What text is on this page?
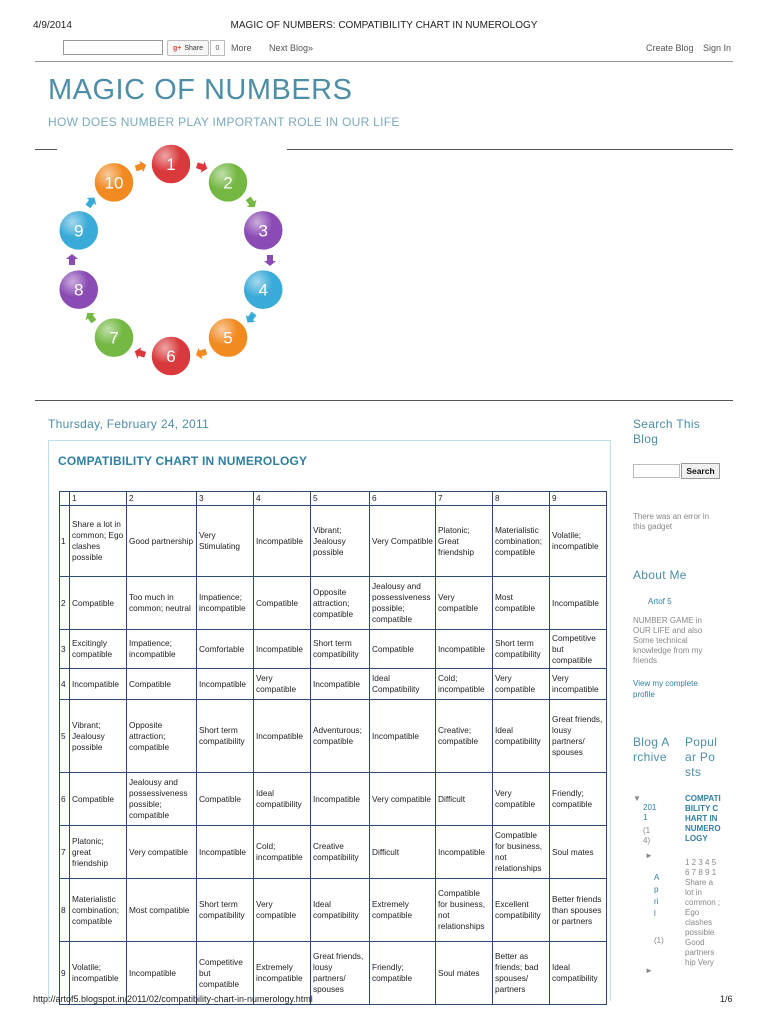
4/9/2014	MAGIC OF NUMBERS: COMPATIBILITY CHART IN NUMEROLOGY
g+ Share	0	More Next Blog»	Create Blog Sign In
MAGIC OF NUMBERS
HOW DOES NUMBER PLAY IMPORTANT ROLE IN OUR LIFE
1
2
3
4
5
6
7
8
9
10
Thursday, February 24, 2011
COMPATIBILITY CHART IN NUMEROLOGY
	1	2	3	4	5	6	7	8	9
1	Share a lot in common; Ego clashes possible	Good partnership	Very Stimulating	Incompatible	Vibrant; Jealousy possible	Very Compatible	Platonic; Great friendship	Materialistic combination; compatible	Volatile; incompatible
2	Compatible	Too much in common; neutral	Impatience; incompatible	Compatible	Opposite attraction; compatible	Jealousy and possessiveness possible; compatible	Very compatible	Most compatible	Incompatible
3	Excitingly compatible	Impatience; incompatible	Comfortable	Incompatible	Short term compatibility	Compatible	Incompatible	Short term compatibility	Competitive but compatible
4	Incompatible	Compatible	Incompatible	Very compatible	Incompatible	Ideal Compatibility	Cold; incompatible	Very compatible	Very incompatible
5	Vibrant; Jealousy possible	Opposite attraction; compatible	Short term compatibility	Incompatible	Adventurous; compatible	Incompatible	Creative; compatible	Ideal compatibility	Great friends, lousy partners/ spouses
6	Compatible	Jealousy and possessiveness possible; compatible	Compatible	Ideal compatibility	Incompatible	Very compatible	Difficult	Very compatible	Friendly; compatible
7	Platonic; great friendship	Very compatible	Incompatible	Cold; incompatible	Creative compatibility	Difficult	Incompatible	Compatible for business, not relationships	Soul mates
8	Materialistic combination; compatible	Most compatible	Short term compatibility	Very compatible	Ideal compatibility	Extremely compatible	Compatible for business, not relationships	Excellent compatibility	Better friends than spouses or partners
9	Volatile; incompatible	Incompatible	Competitive but compatible	Extremely incompatible	Great friends, lousy partners/ spouses	Friendly; compatible	Soul mates	Better as friends; bad spouses/ partners	Ideal compatibility
Search This Blog
Search
There was an error in this gadget
About Me
Artof 5
NUMBER GAME in OUR LIFE and also Some technical knowledge from my friends
View my complete profile
Blog Archive
Popular Posts
▼
2011
(14)
►
April
(1)
►
COMPATIBILITY CHART IN NUMEROLOGY
1 2 3 4 5 6 7 8 9 1 Share a lot in common ; Ego clashes possible Good partners hip Very
http://artof5.blogspot.in/2011/02/compatibility-chart-in-numerology.html	1/6
